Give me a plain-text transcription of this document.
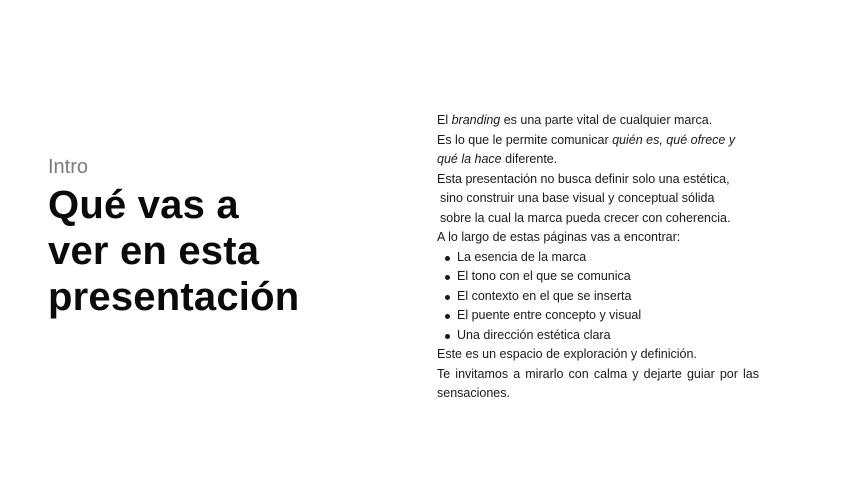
Intro
Qué vas a
ver en esta
presentación

El branding es una parte vital de cualquier marca.

Es lo que le permite comunicar quién es, qué ofrece y qué la hace diferente.

Esta presentación no busca definir solo una estética,

sino construir una base visual y conceptual sólida

sobre la cual la marca pueda crecer con coherencia.

A lo largo de estas páginas vas a encontrar:

La esencia de la marca
El tono con el que se comunica
El contexto en el que se inserta
El puente entre concepto y visual
Una dirección estética clara

Este es un espacio de exploración y definición.

Te invitamos a mirarlo con calma y dejarte guiar por las sensaciones.
